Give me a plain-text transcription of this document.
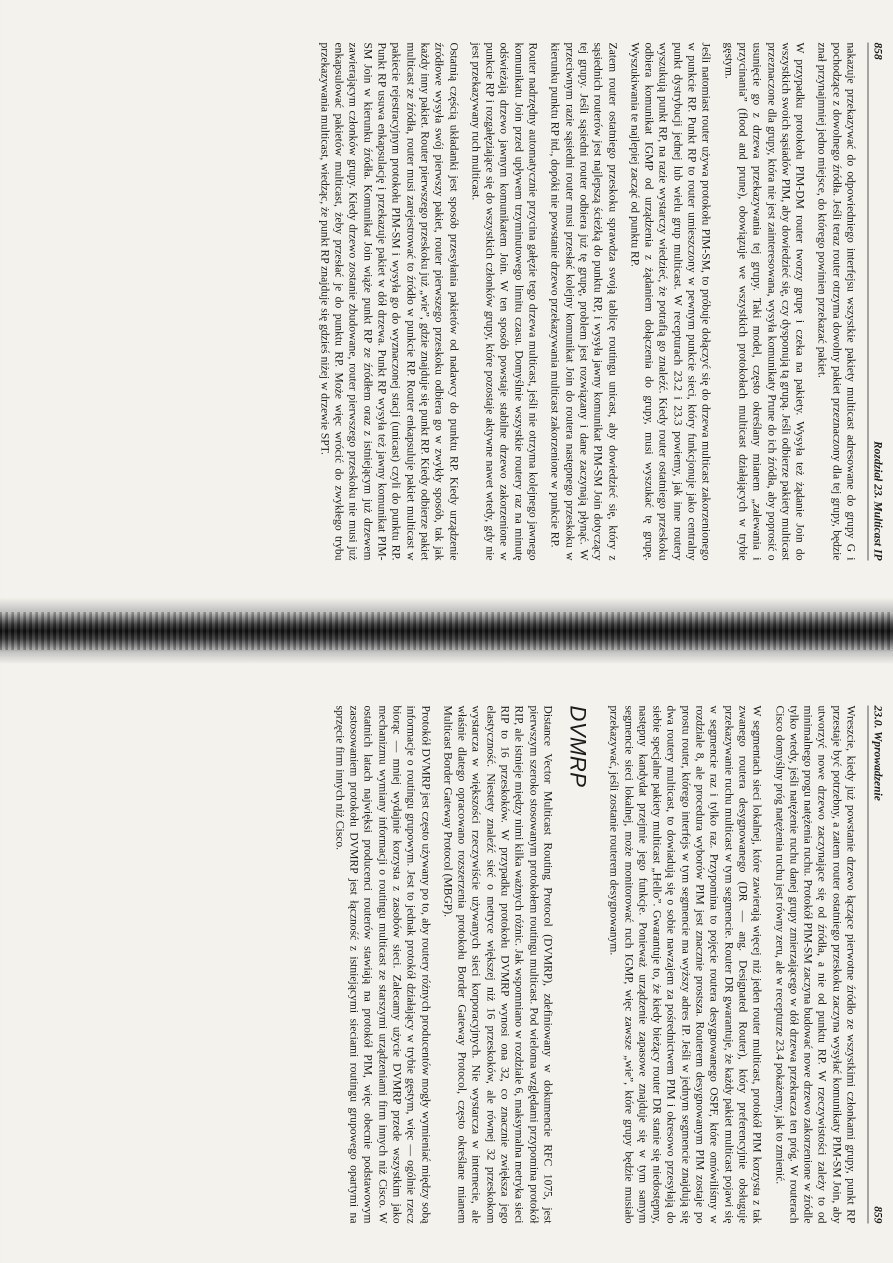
858
Rozdział 23. Multicast IP

nakazuje przekazywać do odpowiedniego interfejsu wszystkie pakiety multicast adresowane do grupy G i pochodzące z dowolnego źródła. Jeśli teraz router otrzyma dowolny pakiet przeznaczony dla tej grupy, będzie znał przynajmniej jedno miejsce, do którego powinien przekazać pakiet.

W przypadku protokołu PIM-DM router tworzy grupę i czeka na pakiety. Wysyła też żądanie Join do wszystkich swoich sąsiadów PIM, aby dowiedzieć się, czy dysponują tą grupą. Jeśli odbierze pakiety multicast przeznaczone dla grupy, która nie jest zainteresowana, wysyła komunikaty Prune do ich źródła, aby poprosić o usunięcie go z drzewa przekazywania tej grupy. Taki model, często określany mianem „zalewania i przycinania” (flood and prune), obowiązuje we wszystkich protokołach multicast działających w trybie gęstym.

Jeśli natomiast router używa protokołu PIM-SM, to próbuje dołączyć się do drzewa multicast zakorzenionego w punkcie RP. Punkt RP to router umieszczony w pewnym punkcie sieci, który funkcjonuje jako centralny punkt dystrybucji jednej lub wielu grup multicast. W recepturach 23.2 i 23.3 powiemy, jak inne routery wyszukują punkt RP, na razie wystarczy wiedzieć, że potrafią go znaleźć. Kiedy router ostatniego przeskoku odbiera komunikat IGMP od urządzenia z żądaniem dołączenia do grupy, musi wyszukać tę grupę. Wyszukiwania te najlepiej zacząć od punktu RP.

Zatem router ostatniego przeskoku sprawdza swoją tablicę routingu unicast, aby dowiedzieć się, który z sąsiednich routerów jest najlepszą ścieżką do punktu RP, i wysyła jawny komunikat PIM-SM Join dotyczący tej grupy. Jeśli sąsiedni router odbiera już tę grupę, problem jest rozwiązany i dane zaczynają płynąć. W przeciwnym razie sąsiedni router musi przesłać kolejny komunikat Join do routera następnego przeskoku w kierunku punktu RP itd., dopóki nie powstanie drzewo przekazywania multicast zakorzenione w punkcie RP.

Router nadrzędny automatycznie przycina gałęzie tego drzewa multicast, jeśli nie otrzyma kolejnego jawnego komunikatu Join przed upływem trzyminutowego limitu czasu. Domyślnie wszystkie routery raz na minutę odświeżają drzewo jawnym komunikatem Join. W ten sposób powstaje stabilne drzewo zakorzenione w punkcie RP i rozgałęziające się do wszystkich członków grupy, które pozostaje aktywne nawet wtedy, gdy nie jest przekazywany ruch multicast.

Ostatnią częścią układanki jest sposób przesyłania pakietów od nadawcy do punktu RP. Kiedy urządzenie źródłowe wysyła swój pierwszy pakiet, router pierwszego przeskoku odbiera go w zwykły sposób, tak jak każdy inny pakiet. Router pierwszego przeskoku już „wie”, gdzie znajduje się punkt RP. Kiedy odbierze pakiet multicast ze źródła, router musi zarejestrować to źródło w punkcie RP. Router enkapsuluje pakiet multicast w pakiecie rejestracyjnym protokołu PIM-SM i wysyła go do wyznaczonej stacji (unicast) czyli do punktu RP. Punkt RP usuwa enkapsulację i przekazuje pakiet w dół drzewa. Punkt RP wysyła też jawny komunikat PIM-SM Join w kierunku źródła. Komunikat Join wiąże punkt RP ze źródłem oraz z istniejącym już drzewem zawierającym członków grupy. Kiedy drzewo zostanie zbudowane, router pierwszego przeskoku nie musi już enkapsulować pakietów multicast, żeby przesłać je do punktu RP. Może więc wrócić do zwykłego trybu przekazywania multicast, wiedząc, że punkt RP znajduje się gdzieś niżej w drzewie SPT.

23.0. Wprowadzenie
859

Wreszcie, kiedy już powstanie drzewo łączące pierwotne źródło ze wszystkimi członkami grupy, punkt RP przestaje być potrzebny, a zatem router ostatniego przeskoku zaczyna wysyłać komunikaty PIM-SM Join, aby utworzyć nowe drzewo zaczynające się od źródła, a nie od punktu RP. W rzeczywistości zależy to od minimalnego progu natężenia ruchu. Protokół PIM-SM zaczyna budować nowe drzewo zakorzenione w źródle tylko wtedy, jeśli natężenie ruchu danej grupy zmierzającego w dół drzewa przekracza ten próg. W routerach Cisco domyślny próg natężenia ruchu jest równy zeru, ale w recepturze 23.4 pokażemy, jak to zmienić.

W segmentach sieci lokalnej, które zawierają więcej niż jeden router multicast, protokół PIM korzysta z tak zwanego routera desygnowanego (DR — ang. Designated Router), który preferencyjnie obsługuje przekazywanie ruchu multicast w tym segmencie. Router DR gwarantuje, że każdy pakiet multicast pojawi się w segmencie raz i tylko raz. Przypomina to pojęcie routera desygnowanego OSPF, które omówiliśmy w rozdziale 8, ale procedura wyborów PIM jest znacznie prostsza. Routerem desygnowanym PIM zostaje po prostu router, którego interfejs w tym segmencie ma wyższy adres IP. Jeśli w jednym segmencie znajdują się dwa routery multicast, to dowiadują się o sobie nawzajem za pośrednictwem PIM i okresowo przesyłają do siebie specjalne pakiety multicast „Hello”. Gwarantuje to, że kiedy bieżący router DR stanie się niedostępny, następny kandydat przejmie jego funkcje. Ponieważ urządzenie zapasowe znajduje się w tym samym segmencie sieci lokalnej, może monitorować ruch IGMP, więc zawsze „wie”, które grupy będzie musiało przekazywać, jeśli zostanie routerem desygnowanym.

DVMRP

Distance Vector Multicast Routing Protocol (DVMRP), zdefiniowany w dokumencie RFC 1075, jest pierwszym szeroko stosowanym protokołem routingu multicast. Pod wieloma względami przypomina protokół RIP, ale istnieje między nimi kilka ważnych różnic. Jak wspomniano w rozdziale 6, maksymalna metryka sieci RIP to 16 przeskoków. W przypadku protokołu DVMRP wynosi ona 32, co znacznie zwiększa jego elastyczność. Niestety znaleźć sieć o metryce większej niż 16 przeskoków, ale równej 32 przeskokom wystarcza w większości rzeczywiście używanych sieci korporacyjnych. Nie wystarcza w internecie, ale właśnie dlatego opracowano rozszerzenia protokołu Border Gateway Protocol, często określane mianem Multicast Border Gateway Protocol (MBGP).

Protokół DVMRP jest często używany po to, aby routery różnych producentów mogły wymieniać między sobą informacje o routingu grupowym. Jest to jednak protokół działający w trybie gęstym, więc — ogólnie rzecz biorąc — mniej wydajnie korzysta z zasobów sieci. Zalecamy użycie DVMRP przede wszystkim jako mechanizmu wymiany informacji o routingu multicast ze starszymi urządzeniami firm innych niż Cisco. W ostatnich latach najwięksi producenci routerów stawiają na protokół PIM, więc obecnie podstawowym zastosowaniem protokołu DVMRP jest łączność z istniejącymi sieciami routingu grupowego opartymi na sprzęcie firm innych niż Cisco.
